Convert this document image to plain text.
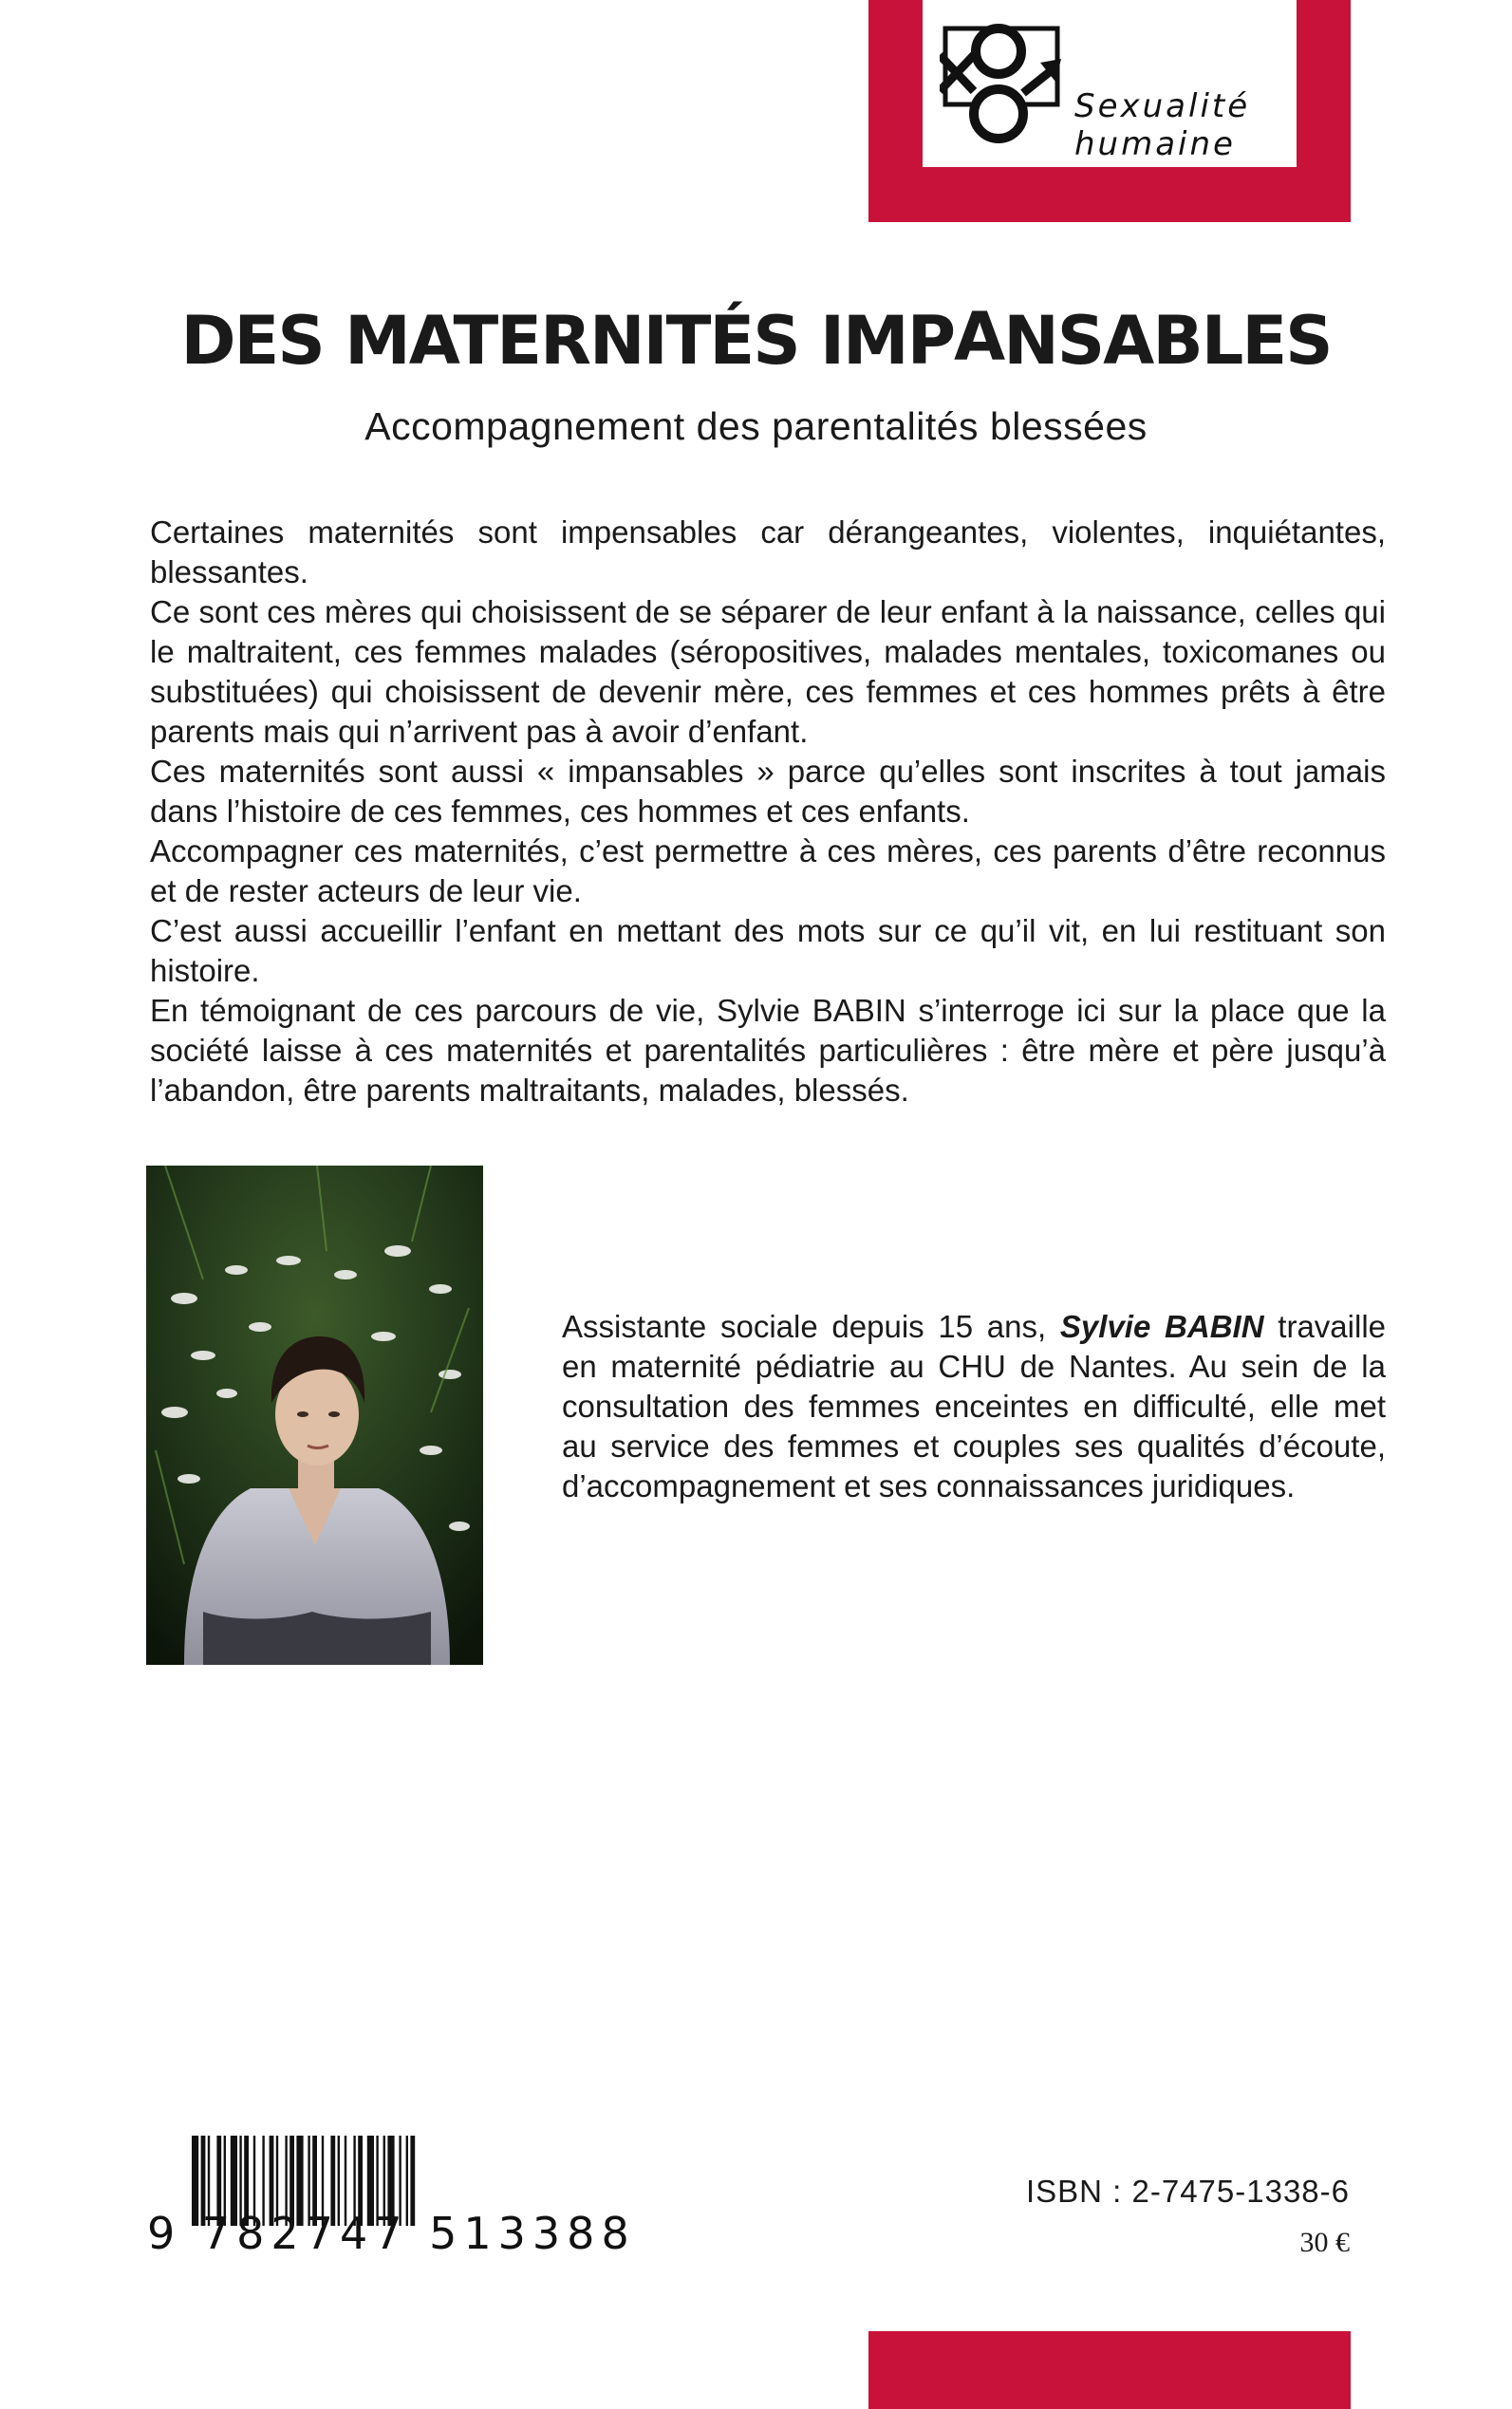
Sexualité
humaine
DES MATERNITÉS IMPANSABLES
Accompagnement des parentalités blessées

Certaines maternités sont impensables car dérangeantes, violentes, inquiétantes, blessantes.

Ce sont ces mères qui choisissent de se séparer de leur enfant à la naissance, celles qui le maltraitent, ces femmes malades (séropositives, malades mentales, toxicomanes ou substituées) qui choisissent de devenir mère, ces femmes et ces hommes prêts à être parents mais qui n’arrivent pas à avoir d’enfant.

Ces maternités sont aussi « impansables » parce qu’elles sont inscrites à tout jamais dans l’histoire de ces femmes, ces hommes et ces enfants.

Accompagner ces maternités, c’est permettre à ces mères, ces parents d’être reconnus et de rester acteurs de leur vie.

C’est aussi accueillir l’enfant en mettant des mots sur ce qu’il vit, en lui restituant son histoire.

En témoignant de ces parcours de vie, Sylvie BABIN s’interroge ici sur la place que la société laisse à ces maternités et parentalités particulières : être mère et père jusqu’à l’abandon, être parents maltraitants, malades, blessés.

Assistante sociale depuis 15 ans, Sylvie BABIN travaille en maternité pédiatrie au CHU de Nantes. Au sein de la consultation des femmes enceintes en difficulté, elle met au service des femmes et couples ses qualités d’écoute, d’accompagnement et ses connaissances juridiques.
9 782747 513388
ISBN : 2-7475-1338-6
30 €
